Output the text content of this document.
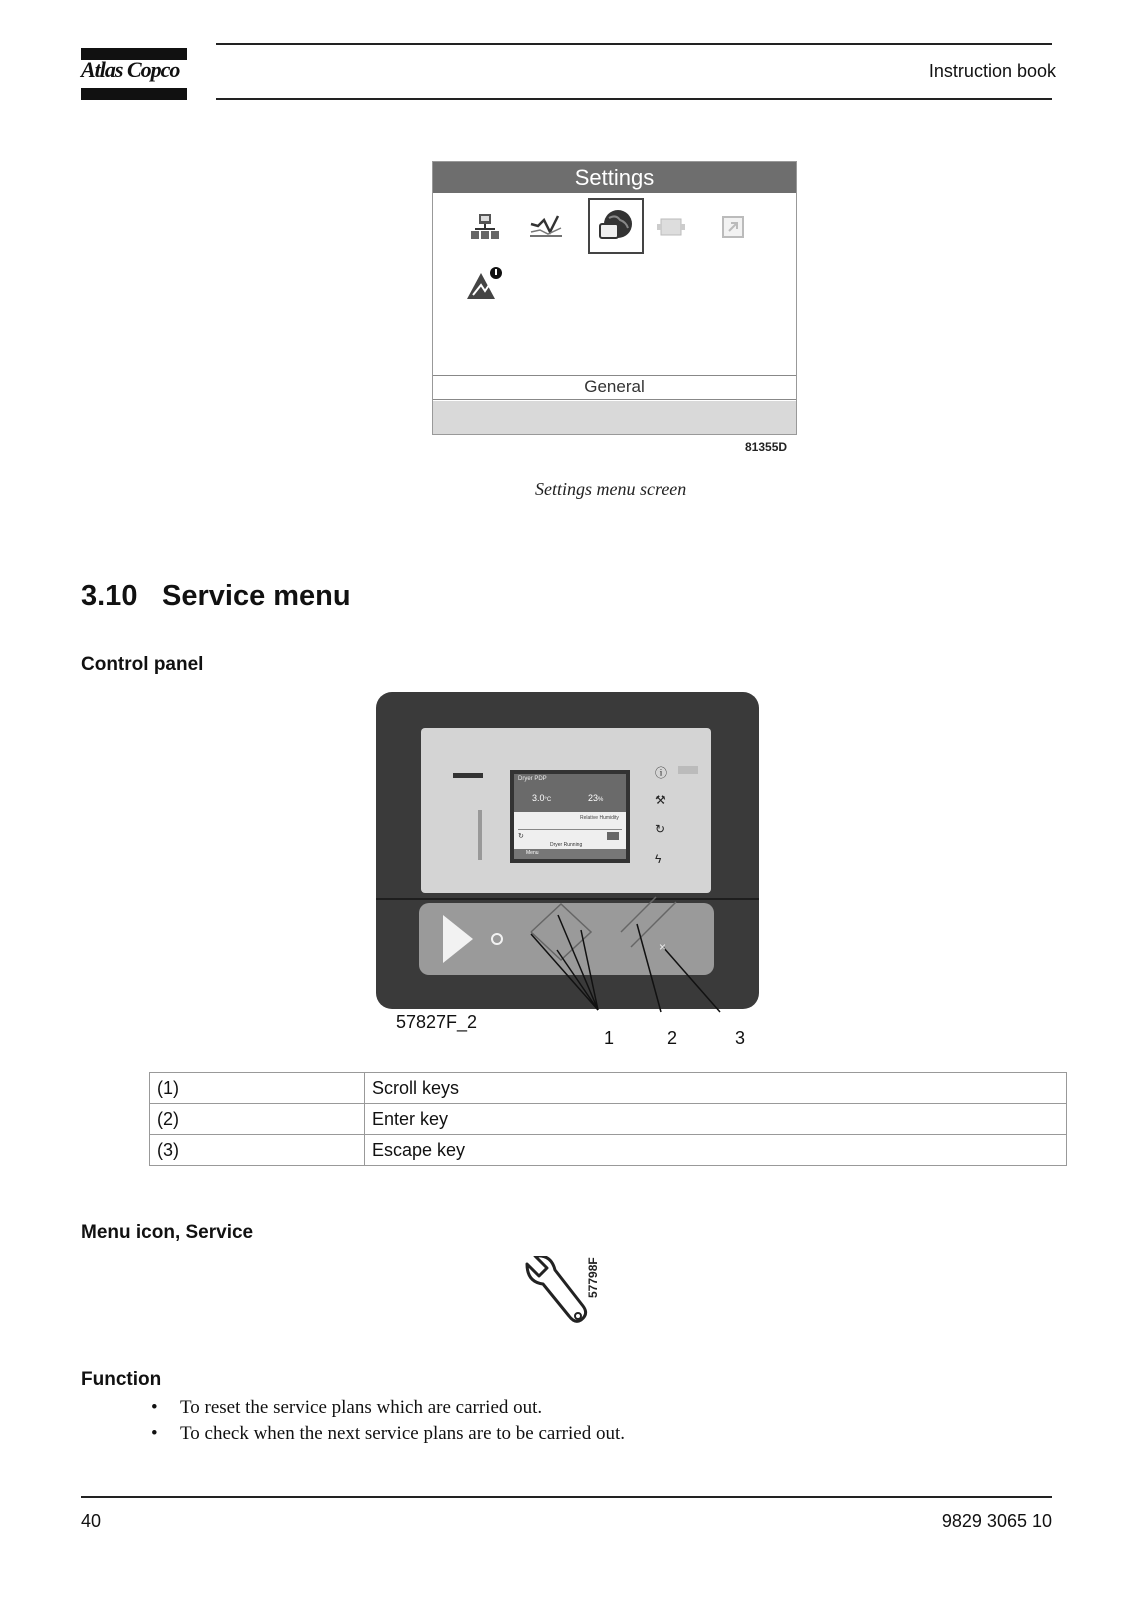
Atlas Copco	Instruction book
Settings
General
81355D
Settings menu screen
3.10 Service menu
Control panel
Dryer PDP
3.0°C	23%
Relative Humidity
↻
Dryer Running
Menu
ⓘ
⚒
↻
ϟ
×
57827F_2
1	2	3
(1)	Scroll keys
(2)	Enter key
(3)	Escape key
Menu icon, Service
57798F
Function
• To reset the service plans which are carried out.
• To check when the next service plans are to be carried out.
40	9829 3065 10
